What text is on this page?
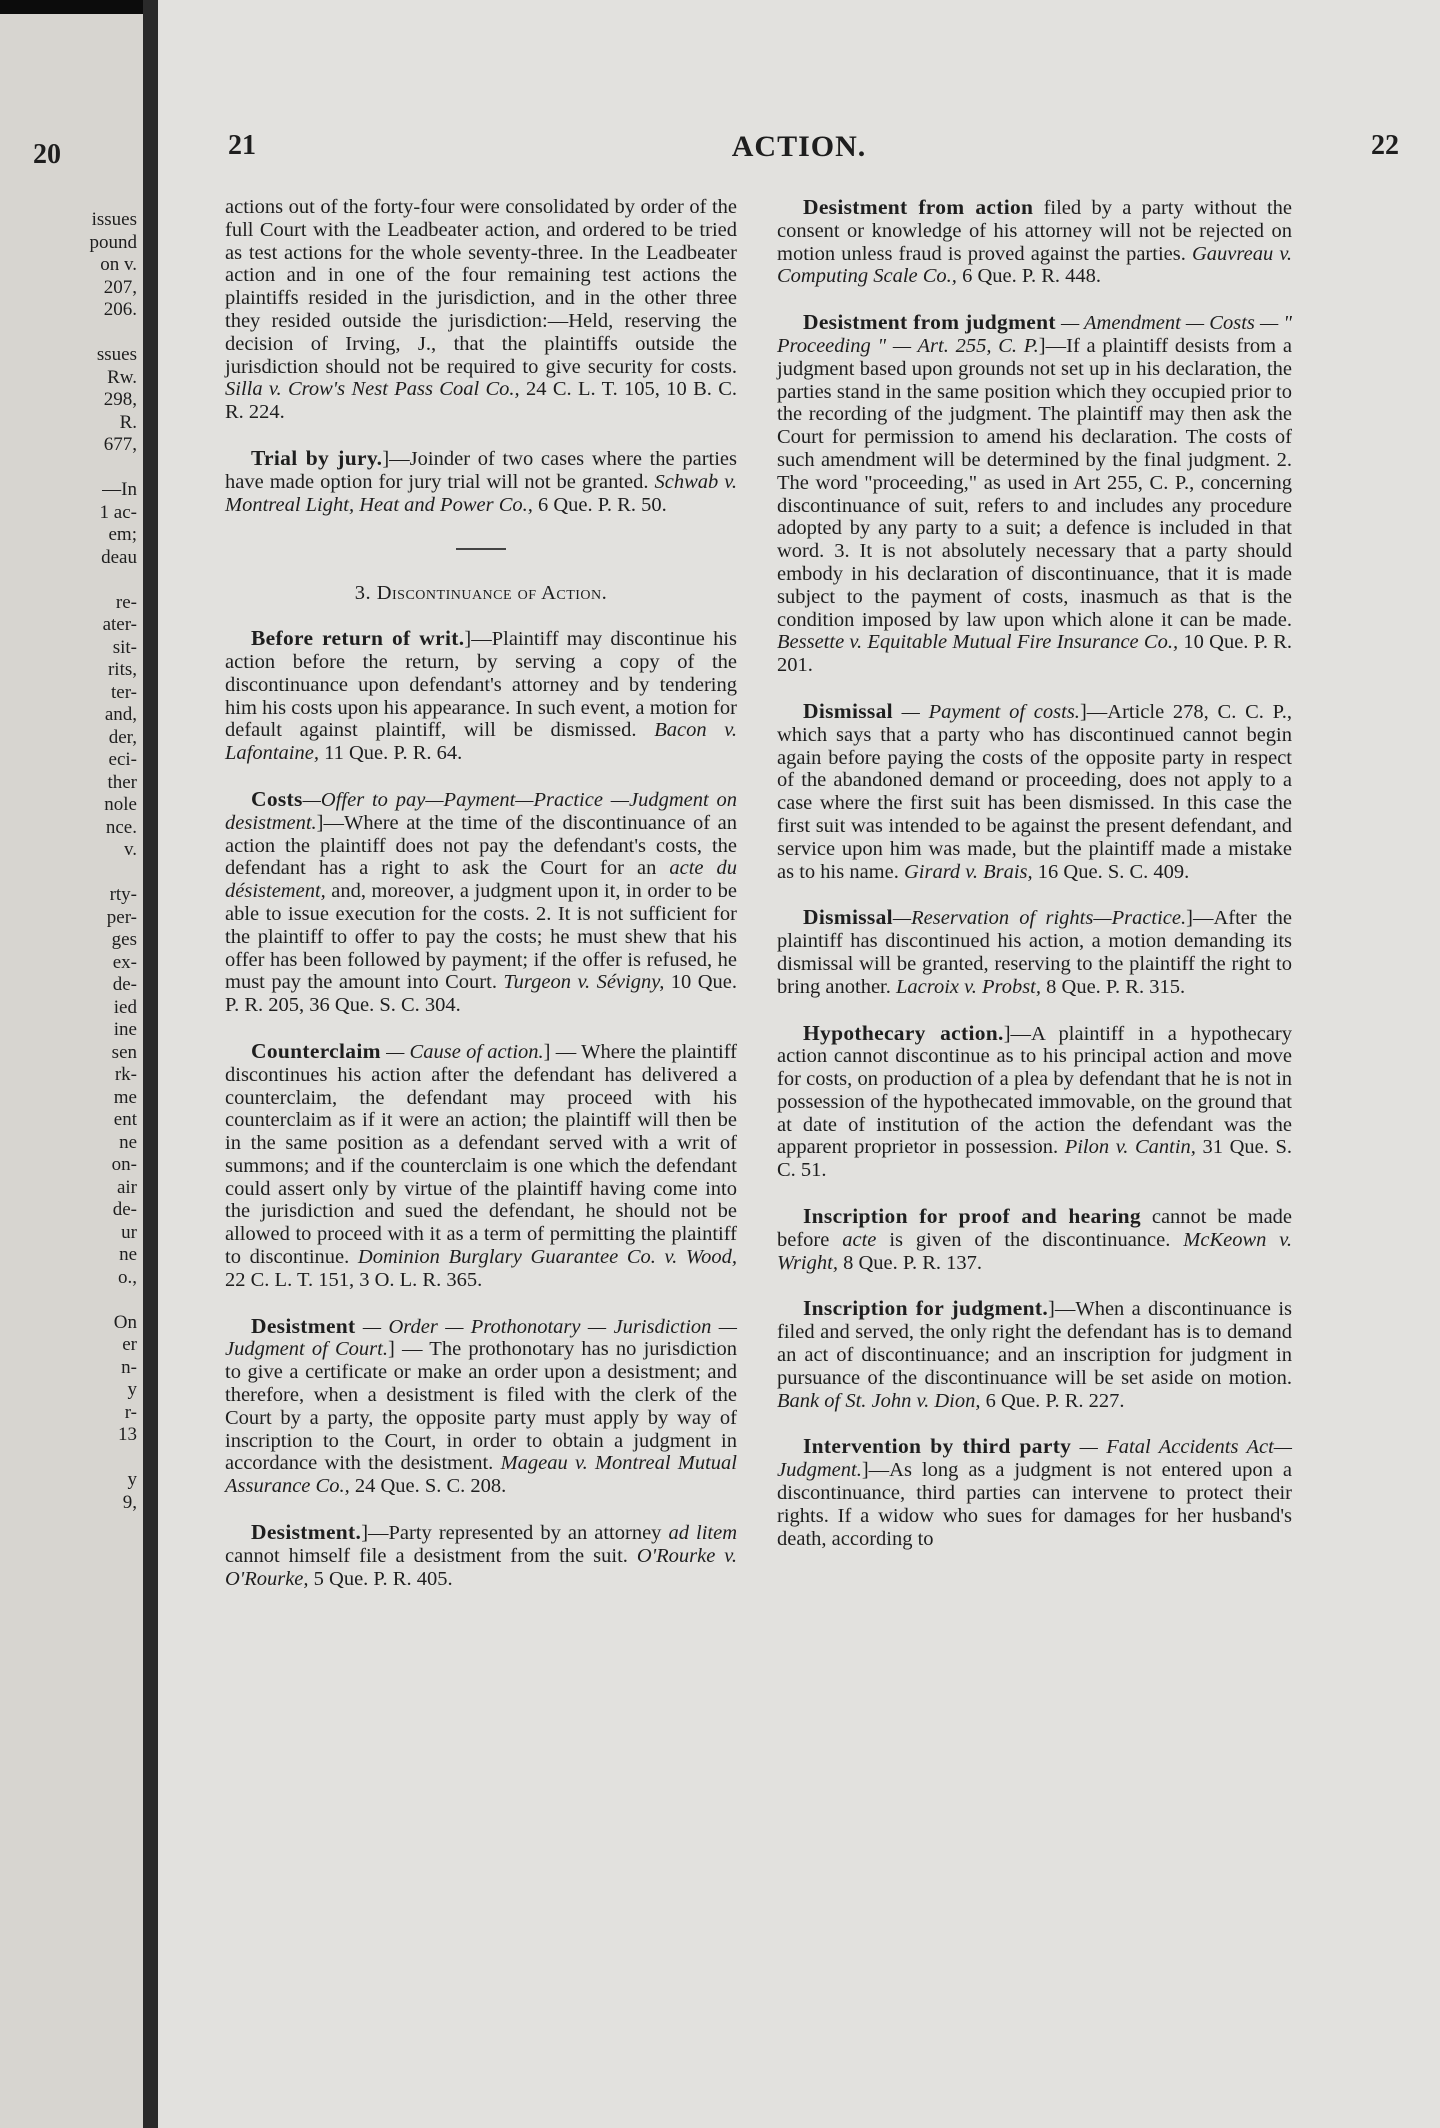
20
issues
pound
on v.
207,
206.

ssues
Rw.
298,
R.
677,

—In
1 ac-
em;
deau

re-
ater-
sit-
rits,
ter-
and,
der,
eci-
ther
nole
nce.
v.

rty-
per-
ges
ex-
de-
ied
ine
sen
rk-
me
ent
ne
on-
air
de-
ur
ne
o.,

On
er
n-
y
r-
13

y
9,
21	ACTION.	22

actions out of the forty-four were consolidated by order of the full Court with the Leadbeater action, and ordered to be tried as test actions for the whole seventy-three. In the Leadbeater action and in one of the four remaining test actions the plaintiffs resided in the jurisdiction, and in the other three they resided outside the jurisdiction:—Held, reserving the decision of Irving, J., that the plaintiffs outside the jurisdiction should not be required to give security for costs. Silla v. Crow's Nest Pass Coal Co., 24 C. L. T. 105, 10 B. C. R. 224.

Trial by jury.]—Joinder of two cases where the parties have made option for jury trial will not be granted. Schwab v. Montreal Light, Heat and Power Co., 6 Que. P. R. 50.

3. Discontinuance of Action.

Before return of writ.]—Plaintiff may discontinue his action before the return, by serving a copy of the discontinuance upon defendant's attorney and by tendering him his costs upon his appearance. In such event, a motion for default against plaintiff, will be dismissed. Bacon v. Lafontaine, 11 Que. P. R. 64.

Costs—Offer to pay—Payment—Practice —Judgment on desistment.]—Where at the time of the discontinuance of an action the plaintiff does not pay the defendant's costs, the defendant has a right to ask the Court for an acte du désistement, and, moreover, a judgment upon it, in order to be able to issue execution for the costs. 2. It is not sufficient for the plaintiff to offer to pay the costs; he must shew that his offer has been followed by payment; if the offer is refused, he must pay the amount into Court. Turgeon v. Sévigny, 10 Que. P. R. 205, 36 Que. S. C. 304.

Counterclaim — Cause of action.] — Where the plaintiff discontinues his action after the defendant has delivered a counterclaim, the defendant may proceed with his counterclaim as if it were an action; the plaintiff will then be in the same position as a defendant served with a writ of summons; and if the counterclaim is one which the defendant could assert only by virtue of the plaintiff having come into the jurisdiction and sued the defendant, he should not be allowed to proceed with it as a term of permitting the plaintiff to discontinue. Dominion Burglary Guarantee Co. v. Wood, 22 C. L. T. 151, 3 O. L. R. 365.

Desistment — Order — Prothonotary — Jurisdiction — Judgment of Court.] — The prothonotary has no jurisdiction to give a certificate or make an order upon a desistment; and therefore, when a desistment is filed with the clerk of the Court by a party, the opposite party must apply by way of inscription to the Court, in order to obtain a judgment in accordance with the desistment. Mageau v. Montreal Mutual Assurance Co., 24 Que. S. C. 208.

Desistment.]—Party represented by an attorney ad litem cannot himself file a desistment from the suit. O'Rourke v. O'Rourke, 5 Que. P. R. 405.

Desistment from action filed by a party without the consent or knowledge of his attorney will not be rejected on motion unless fraud is proved against the parties. Gauvreau v. Computing Scale Co., 6 Que. P. R. 448.

Desistment from judgment — Amendment — Costs — " Proceeding " — Art. 255, C. P.]—If a plaintiff desists from a judgment based upon grounds not set up in his declaration, the parties stand in the same position which they occupied prior to the recording of the judgment. The plaintiff may then ask the Court for permission to amend his declaration. The costs of such amendment will be determined by the final judgment. 2. The word "proceeding," as used in Art 255, C. P., concerning discontinuance of suit, refers to and includes any procedure adopted by any party to a suit; a defence is included in that word. 3. It is not absolutely necessary that a party should embody in his declaration of discontinuance, that it is made subject to the payment of costs, inasmuch as that is the condition imposed by law upon which alone it can be made. Bessette v. Equitable Mutual Fire Insurance Co., 10 Que. P. R. 201.

Dismissal — Payment of costs.]—Article 278, C. C. P., which says that a party who has discontinued cannot begin again before paying the costs of the opposite party in respect of the abandoned demand or proceeding, does not apply to a case where the first suit has been dismissed. In this case the first suit was intended to be against the present defendant, and service upon him was made, but the plaintiff made a mistake as to his name. Girard v. Brais, 16 Que. S. C. 409.

Dismissal—Reservation of rights—Practice.]—After the plaintiff has discontinued his action, a motion demanding its dismissal will be granted, reserving to the plaintiff the right to bring another. Lacroix v. Probst, 8 Que. P. R. 315.

Hypothecary action.]—A plaintiff in a hypothecary action cannot discontinue as to his principal action and move for costs, on production of a plea by defendant that he is not in possession of the hypothecated immovable, on the ground that at date of institution of the action the defendant was the apparent proprietor in possession. Pilon v. Cantin, 31 Que. S. C. 51.

Inscription for proof and hearing cannot be made before acte is given of the discontinuance. McKeown v. Wright, 8 Que. P. R. 137.

Inscription for judgment.]—When a discontinuance is filed and served, the only right the defendant has is to demand an act of discontinuance; and an inscription for judgment in pursuance of the discontinuance will be set aside on motion. Bank of St. John v. Dion, 6 Que. P. R. 227.

Intervention by third party — Fatal Accidents Act—Judgment.]—As long as a judgment is not entered upon a discontinuance, third parties can intervene to protect their rights. If a widow who sues for damages for her husband's death, according to
